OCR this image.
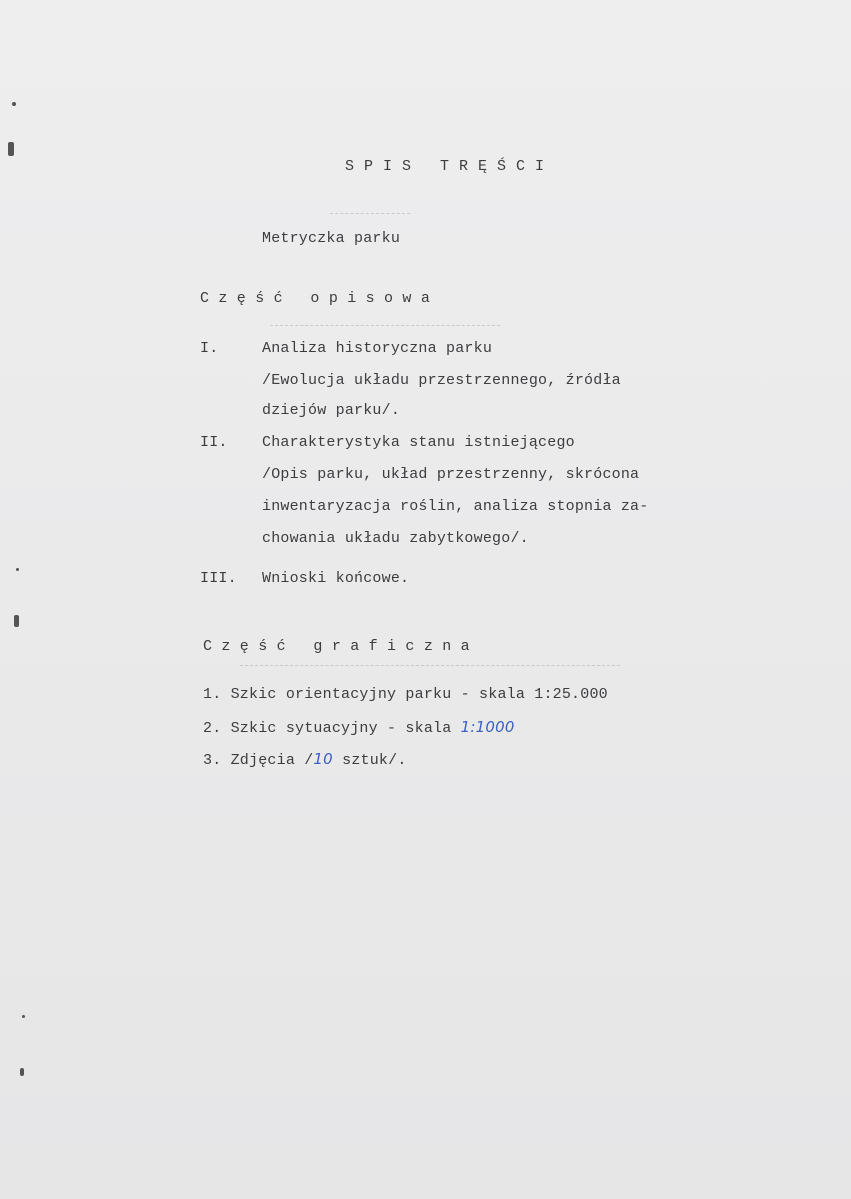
S P I S   T R Ę Ś C I
Metryczka parku
C z ę ś ć   o p i s o w a
I.	Analiza historyczna parku
/Ewolucja układu przestrzennego, źródła
dziejów parku/.
II. Charakterystyka stanu istniejącego
/Opis parku, układ przestrzenny, skrócona
inwentaryzacja roślin, analiza stopnia za-
chowania układu zabytkowego/.
III. Wnioski końcowe.
C z ę ś ć   g r a f i c z n a
1. Szkic orientacyjny parku - skala 1:25.000
2. Szkic sytuacyjny - skala 1:1000
3. Zdjęcia /10 sztuk/.
